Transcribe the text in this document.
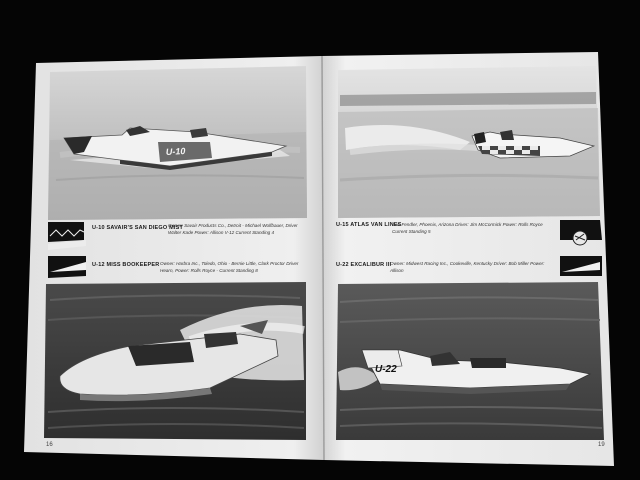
U-10
U-22
U-10 SAVAIR'S SAN DIEGO MIST
Owner: Savair Products Co., Detroit - Michael Wolfbauer, Driver
Walter Kade Power: Allison V-12 Current Standing 4
U-15 ATLAS VAN LINES
Bob Fendler, Phoenix, Arizona Driver: Jim McCormick Power: Rolls Royce
Current Standing 5
U-12 MISS BOOKEEPER Owner: Harbra Inc., Toledo, Ohio - Bernie Little, Clark Proctor Driver
Hearn, Power: Rolls Royce - Current Standing 8
U-22 EXCALIBUR III
Owner: Midwest Racing Inc., Cookeville, Kentucky Driver: Bob Miller Power:
Allison
16	19
